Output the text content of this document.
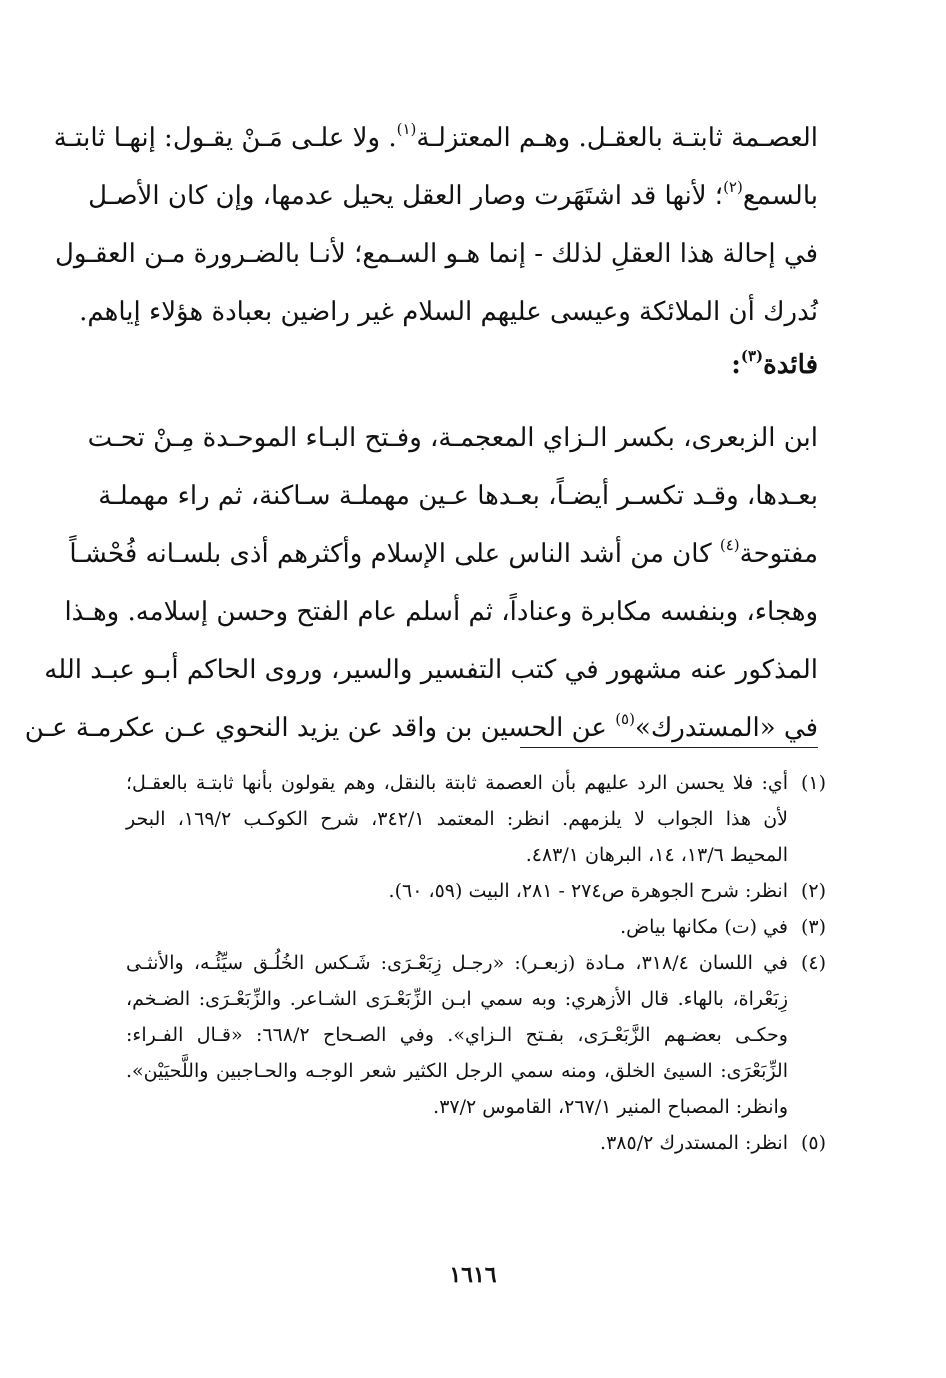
العصـمة ثابتـة بالعقـل. وهـم المعتزلـة$^{(١)}$. ولا علـى مَـنْ يقـول: إنهـا ثابتـة
بالسمع$^{(٢)}$؛ لأنها قد اشتَهَرت وصار العقل يحيل عدمها، وإن كان الأصـل
في إحالة هذا العقلِ لذلك - إنما هـو السـمع؛ لأنـا بالضـرورة مـن العقـول
نُدرك أن الملائكة وعيسى عليهم السلام غير راضين بعبادة هؤلاء إياهم.
فائدة$^{(٣)}$:
ابن الزبعرى، بكسر الـزاي المعجمـة، وفـتح البـاء الموحـدة مِـنْ تحـت
بعـدها، وقـد تكسـر أيضـاً، بعـدها عـين مهملـة سـاكنة، ثم راء مهملـة
مفتوحة$^{(٤)}$ كان من أشد الناس على الإسلام وأكثرهم أذى بلسـانه فُحْشـاً
وهجاء، وبنفسه مكابرة وعناداً، ثم أسلم عام الفتح وحسن إسلامه. وهـذا
المذكور عنه مشهور في كتب التفسير والسير، وروى الحاكم أبـو عبـد الله
في «المستدرك»$^{(٥)}$ عن الحسين بن واقد عن يزيد النحوي عـن عكرمـة عـن
(١)
أي: فلا يحسن الرد عليهم بأن العصمة ثابتة بالنقل، وهم يقولون بأنها ثابتـة بالعقـل؛
لأن هذا الجواب لا يلزمهم. انظر: المعتمد ٣٤٢/١، شرح الكوكـب ١٦٩/٢، البحر
المحيط ١٣/٦، ١٤، البرهان ٤٨٣/١.
(٢)
انظر: شرح الجوهرة ص٢٧٤ - ٢٨١، البيت (٥٩، ٦٠).
(٣)
في (ت) مكانها بياض.
(٤)
في اللسان ٣١٨/٤، مـادة (زبعـر): «رجـل زِبَعْـرَى: شَـكس الخُلُـق سيِّئُـه، والأنثـى
زِبَعْراة، بالهاء. قال الأزهري: وبه سمي ابـن الزِّبَعْـرَى الشـاعر. والزِّبَعْـرَى: الضـخم،
وحكـى بعضـهم الزَّبَعْـرَى، بفـتح الـزاي». وفي الصـحاح ٦٦٨/٢: «قـال الفـراء:
الزِّبَعْرَى: السيئ الخلق، ومنه سمي الرجل الكثير شعر الوجـه والحـاجبين واللَّحيَيْن».
وانظر: المصباح المنير ٢٦٧/١، القاموس ٣٧/٢.
(٥)
انظر: المستدرك ٣٨٥/٢.
١٦١٦
